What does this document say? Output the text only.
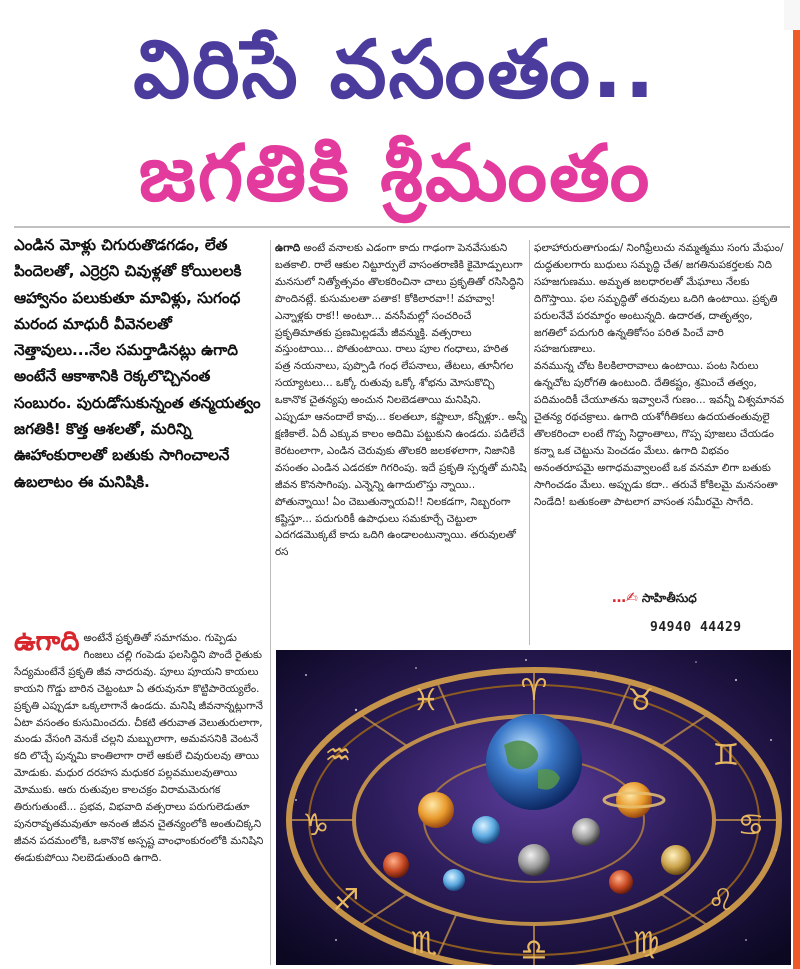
విరిసే వసంతం..
జగతికి శ్రీమంతం

ఎండిన మోళ్లు చిగురుతొడగడం, లేత పిందెలతో, ఎర్రెర్రని చివుళ్లతో కోయిలలకి ఆహ్వానం పలుకుతూ మావిళ్లు, సుగంధ మరంద మాధురీ వీవెనలతో నెత్తావులు...నేల సమర్తాడినట్లు ఉగాది అంటేనే ఆకాశానికి రెక్కలొచ్చినంత సంబురం. పురుడోసుకున్నంత తన్మయత్వం జగతికి! కొత్త ఆశలతో, మరిన్ని ఊహాంకురాలతో బతుకు సాగించాలనే ఉబలాటం ఈ మనిషికి.

ఉగాది అంటేనే ప్రకృతితో సమాగమం. గుప్పెడు గింజలు చల్లి గంపెడు ఫలసిద్ధిని పొందే రైతుకు సేద్యమంటేనే ప్రకృతి జీవ నాదరువు. పూలు పూయని కాయలు కాయని గొడ్డు బారిన చెట్టంటూ ఏ తరువునూ కొట్టిపారెయ్యలేం. ప్రకృతి ఎప్పుడూ ఒక్కలాగానే ఉండదు. మనిషి జీవనాన్నట్లుగానే ఏటా వసంతం కుసుమించదు. చీకటి తరువాత వెలుతురులాగా, మండు వేసంగి వెనుకే చల్లని మబ్బులాగా, అమవసనికి వెంటనే కది లొచ్చే పున్నమి కాంతిలాగా రాలే ఆకులే చివురులవు తాయి మోడుకు. మధుర దరహస మధుకర పల్లవములవుతాయి మోముకు. ఆరు రుతువుల కాలచక్రం విరామమెరుగక తిరుగుతుంటే... ప్రభవ, విభవాది వత్సరాలు పరుగులెడుతూ పునరావృతమవుతూ అనంత జీవన చైతన్యంలోకి అంతుచిక్కని జీవన పదమంలోకి, ఒకానొక అస్పష్ట వాంఛాంకురంలోకి మనిషిని ఈడుకుపోయి నిలబెడుతుంది ఉగాది.

ఉగాది అంటే వనాలకు ఎడంగా కాదు గాఢంగా పెనవేసుకుని బతకాలి. రాలే ఆకుల నిట్టూర్పులే వాసంతరాణికి కైమోడ్పులుగా మనసులో నిత్యోత్సవం తొలకరించినా చాలు ప్రకృతితో రసిసిద్ధిని పొందినట్లే. కుసుమలతా పతాక! కోకిలారవా!! వహవ్వా! ఎన్నాళ్లకు రాక!! అంటూ... వనసీమల్లో సంచరించే ప్రకృతిమాతకు ప్రణమిల్లడమే జీవన్ముక్తి. వత్సరాలు వస్తుంటాయి... పోతుంటాయి. రాలు పూల గంధాలు, హరిత పత్ర నయనాలు, పుప్పొడి గంధ లేపనాలు, తేటలు, తూనీగల సయ్యాటలు... ఒక్కో రుతువు ఒక్కో శోభను మోసుకొచ్చి ఒకానొక చైతన్యపు అంచున నిలబెడతాయి మనిషిని.

ఎప్పుడూ ఆనందాలే కావు... కలతలూ, కష్టాలూ, కన్నీళ్లూ.. అన్నీ క్షణికాలే. ఏదీ ఎక్కువ కాలం అదిమి పట్టుకుని ఉండదు. పడిలేచే కెరటంలాగా, ఎండిన చెరువుకు తొలకరి జలకళలాగా, నిజానికి వసంతం ఎండిన ఎడదకూ గిగరింపు. ఇదే ప్రకృతి స్పర్శతో మనిషి జీవన కొనసాగింపు. ఎన్నెన్ని ఉగాదులొస్తు న్నాయి.. పోతున్నాయి! ఏం చెబుతున్నాయవి!! నిలకడగా, నిబ్బరంగా కష్టిస్తూ... పదుగురికీ ఉపాధులు సమకూర్చే చెట్టులా ఎదగడమొక్కటే కాదు ఒదిగి ఉండాలంటున్నాయి. తరువులతో రస

ఫలాహారురుతాగుండు/ నింగిఫ్రేలుచు నమ్మత్మము సంగు మేఘం/ దుద్ధతులగారు బుధులు సమృద్ధి చేత/ జగతినుపకర్తలకు నిది సహజగుణము. అమృత జలధారలతో మేఘాలు నేలకు దిగొస్తాయి. ఫల సమృద్ధితో తరువులు ఒదిగి ఉంటాయి. ప్రకృతి పరులనేవే పరమార్థం అంటున్నది. ఉదారత, దాతృత్వం, జగతిలో పదుగురి ఉన్నతికోసం పరిత పించే వారి సహజగుణాలు.

వనమున్న చోట కిలకిలారావాలు ఉంటాయి. పంట సిరులు ఉన్నచోట పురోగతి ఉంటుంది. దేతికష్టం, శ్రమించే తత్వం, పదిమందికీ చేయూతను ఇవ్వాలనే గుణం... ఇవన్నీ విశ్వమానవ చైతన్య రథచక్రాలు. ఉగాది యశోగీతికలు ఉదయతంతువులై తొలకరించా లంటే గొప్ప సిద్ధాంతాలు, గొప్ప పూజలు చేయడం కన్నా ఒక చెట్టును పెంచడం మేలు. ఉగాది విభవం అనంతరూపమై అగాధమవ్వాలంటే ఒక వనమా లిగా బతుకు సాగించడం మేలు. అప్పుడు కదా.. తరువే కోకిలమై మనసంతా నిండేది! బతుకంతా పాటలాగ వాసంత సమీరమై సాగేది.

…✍ సాహితీసుధ
94940 44429
♈	♉
♊
♋
♌
♍
♎
♏
♐
♑
♒
♓
